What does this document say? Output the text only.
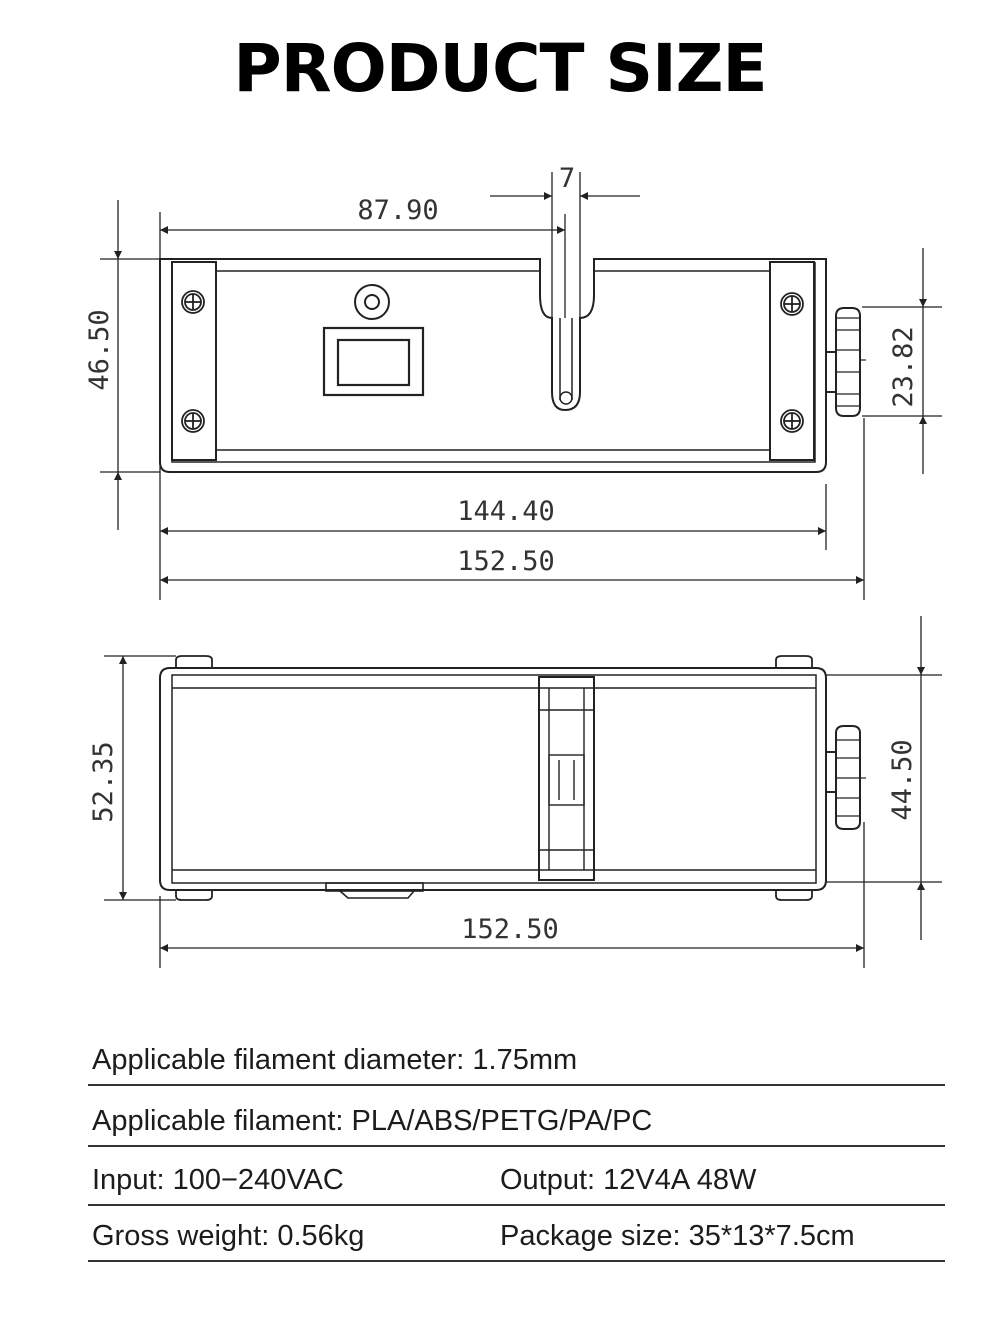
PRODUCT SIZE
87.90
7
46.50	23.82
144.40
152.50
52.35	44.50
152.50
Applicable filament diameter: 1.75mm
Applicable filament: PLA/ABS/PETG/PA/PC
Input: 100−240VAC	Output: 12V4A 48W
Gross weight: 0.56kg	Package size: 35*13*7.5cm
